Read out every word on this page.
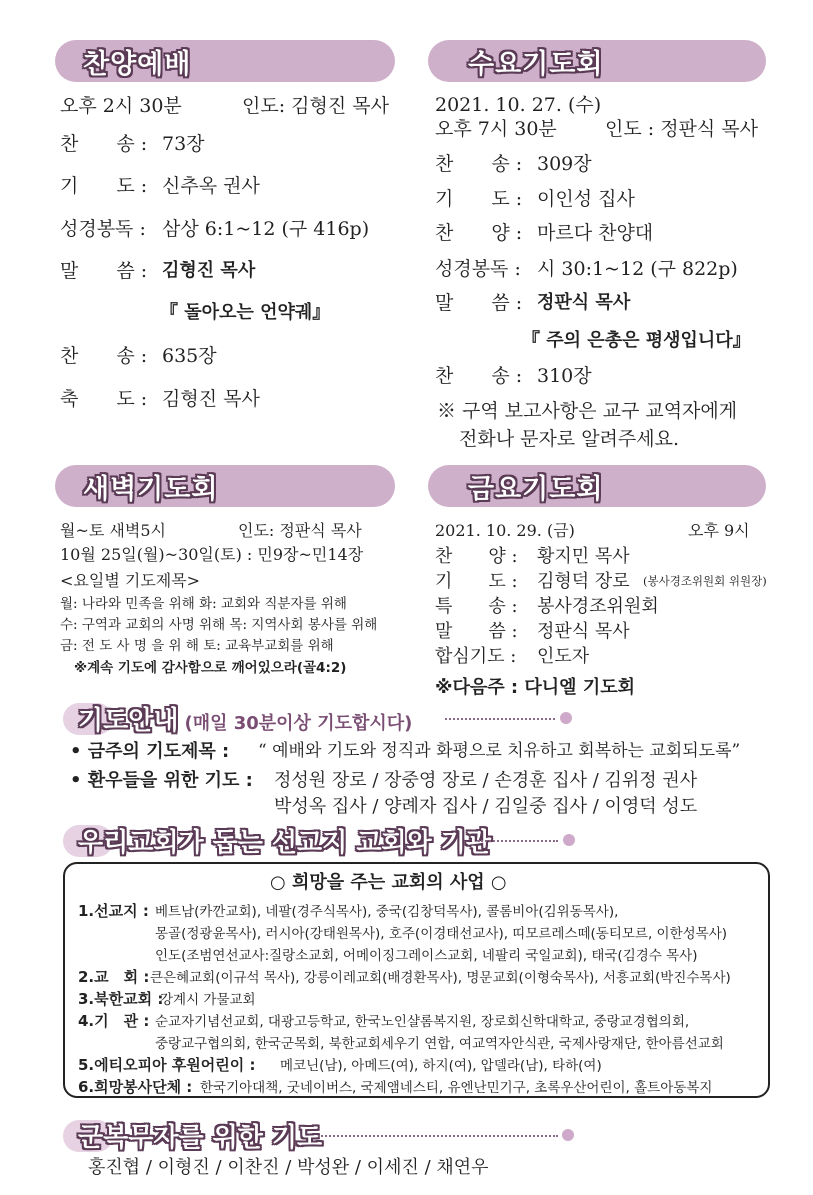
찬양예배
오후 2시 30분	인도: 김형진 목사
찬　　송 : 73장
기　　도 : 신추옥 권사
성경봉독 : 삼상 6:1~12 (구 416p)
말　　씀 : 김형진 목사
『 돌아오는 언약궤』
찬　　송 : 635장
축　　도 : 김형진 목사
수요기도회
2021. 10. 27. (수)
오후 7시 30분	인도 : 정판식 목사
찬　　송 : 309장
기　　도 : 이인성 집사
찬　　양 : 마르다 찬양대
성경봉독 : 시 30:1~12 (구 822p)
말　　씀 : 정판식 목사
『 주의 은총은 평생입니다』
찬　　송 : 310장
※ 구역 보고사항은 교구 교역자에게
전화나 문자로 알려주세요.
새벽기도회
월~토 새벽5시	인도: 정판식 목사
10월 25일(월)~30일(토) : 민9장~민14장
<요일별 기도제목>
월: 나라와 민족을 위해 화: 교회와 직분자를 위해
수: 구역과 교회의 사명 위해 목: 지역사회 봉사를 위해
금: 전 도 사 명 을 위 해 토: 교육부교회를 위해
※계속 기도에 감사함으로 깨어있으라(골4:2)
금요기도회
2021. 10. 29. (금)	오후 9시
찬　　양 : 황지민 목사
기　　도 : 김형덕 장로 (봉사경조위원회 위원장)
특　　송 : 봉사경조위원회
말　　씀 : 정판식 목사
합심기도 : 인도자
※다음주 : 다니엘 기도회
기도안내 (매일 30분이상 기도합시다)
• 금주의 기도제목 : “ 예배와 기도와 정직과 화평으로 치유하고 회복하는 교회되도록”
• 환우들을 위한 기도 : 정성원 장로 / 장중영 장로 / 손경훈 집사 / 김위정 권사
박성옥 집사 / 양례자 집사 / 김일중 집사 / 이영덕 성도
우리교회가 돕는 선교지 교회와 기관
○ 희망을 주는 교회의 사업 ○
1.선교지 : 베트남(카깐교회), 네팔(경주식목사), 중국(김창덕목사), 콜롬비아(김위동목사),
몽골(정광윤목사), 러시아(강태원목사), 호주(이경태선교사), 띠모르레스떼(동티모르, 이한성목사)
인도(조범연선교사:질랑소교회, 어메이징그레이스교회, 네팔리 국일교회), 태국(김경수 목사)
2.교　회 : 큰은혜교회(이규석 목사), 강릉이레교회(배경환목사), 명문교회(이형숙목사), 서흥교회(박진수목사)
3.북한교회 :
강계시 가물교회
4.기　관 : 순교자기념선교회, 대광고등학교, 한국노인샬롬복지원, 장로회신학대학교, 중랑교경협의회,
중랑교구협의회, 한국군목회, 북한교회세우기 연합, 여교역자안식관, 국제사랑재단, 한아름선교회
5.에티오피아 후원어린이 : 메코닌(남), 아메드(여), 하지(여), 압델라(남), 타하(여)
6.희망봉사단체 : 한국기아대책, 굿네이버스, 국제앰네스티, 유엔난민기구, 초록우산어린이, 홀트아동복지
군복무자를 위한 기도
홍진협 / 이형진 / 이찬진 / 박성완 / 이세진 / 채연우
